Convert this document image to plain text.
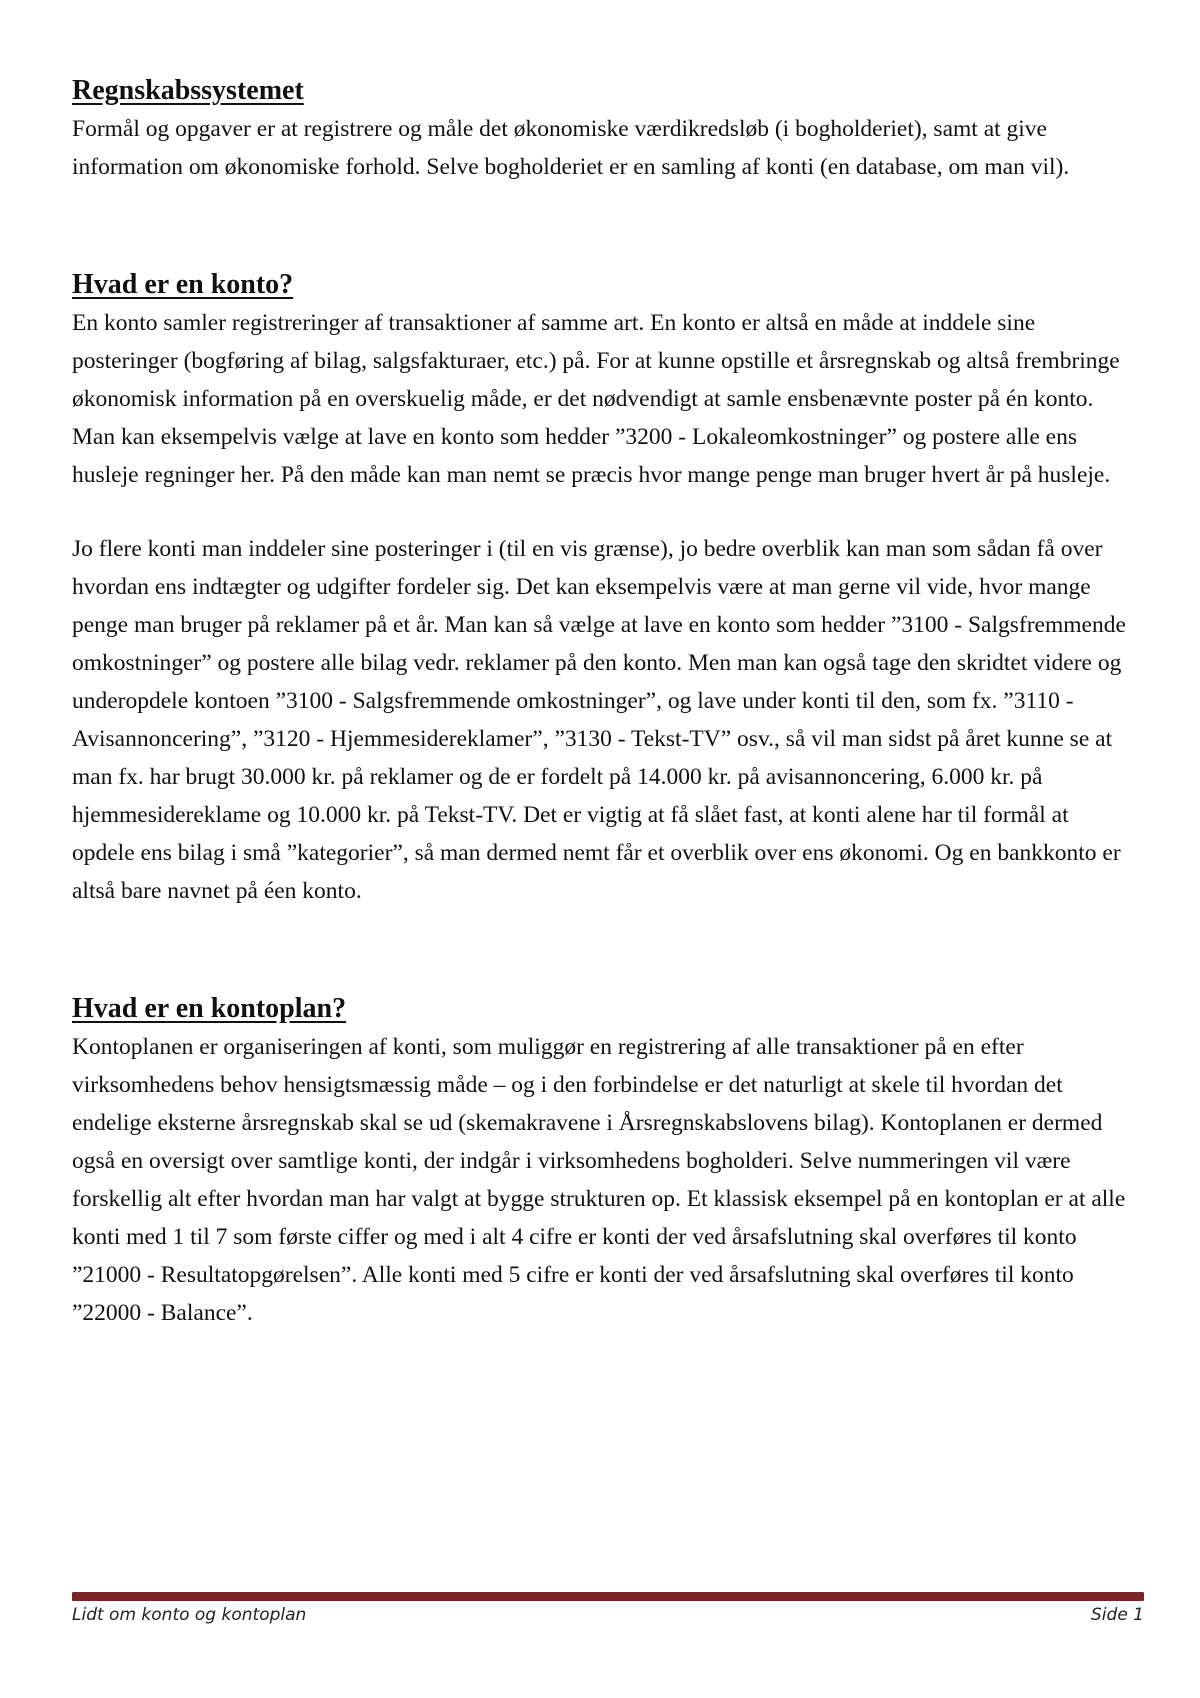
Regnskabssystemet

Formål og opgaver er at registrere og måle det økonomiske værdikredsløb (i bogholderiet), samt at give information om økonomiske forhold. Selve bogholderiet er en samling af konti (en database, om man vil).

Hvad er en konto?

En konto samler registreringer af transaktioner af samme art. En konto er altså en måde at inddele sine posteringer (bogføring af bilag, salgsfakturaer, etc.) på. For at kunne opstille et årsregnskab og altså frembringe økonomisk information på en overskuelig måde, er det nødvendigt at samle ensbenævnte poster på én konto. Man kan eksempelvis vælge at lave en konto som hedder ”3200 - Lokaleomkostninger” og postere alle ens husleje regninger her. På den måde kan man nemt se præcis hvor mange penge man bruger hvert år på husleje.

Jo flere konti man inddeler sine posteringer i (til en vis grænse), jo bedre overblik kan man som sådan få over hvordan ens indtægter og udgifter fordeler sig. Det kan eksempelvis være at man gerne vil vide, hvor mange penge man bruger på reklamer på et år. Man kan så vælge at lave en konto som hedder ”3100 - Salgsfremmende omkostninger” og postere alle bilag vedr. reklamer på den konto. Men man kan også tage den skridtet videre og underopdele kontoen ”3100 - Salgsfremmende omkostninger”, og lave under konti til den, som fx. ”3110 - Avisannoncering”, ”3120 - Hjemmesidereklamer”, ”3130 - Tekst-TV” osv., så vil man sidst på året kunne se at man fx. har brugt 30.000 kr. på reklamer og de er fordelt på 14.000 kr. på avisannoncering, 6.000 kr. på hjemmesidereklame og 10.000 kr. på Tekst-TV. Det er vigtig at få slået fast, at konti alene har til formål at opdele ens bilag i små ”kategorier”, så man dermed nemt får et overblik over ens økonomi. Og en bankkonto er altså bare navnet på éen konto.

Hvad er en kontoplan?

Kontoplanen er organiseringen af konti, som muliggør en registrering af alle transaktioner på en efter virksomhedens behov hensigtsmæssig måde – og i den forbindelse er det naturligt at skele til hvordan det endelige eksterne årsregnskab skal se ud (skemakravene i Årsregnskabslovens bilag). Kontoplanen er dermed også en oversigt over samtlige konti, der indgår i virksomhedens bogholderi. Selve nummeringen vil være forskellig alt efter hvordan man har valgt at bygge strukturen op. Et klassisk eksempel på en kontoplan er at alle konti med 1 til 7 som første ciffer og med i alt 4 cifre er konti der ved årsafslutning skal overføres til konto ”21000 - Resultatopgørelsen”. Alle konti med 5 cifre er konti der ved årsafslutning skal overføres til konto ”22000 - Balance”.

Lidt om konto og kontoplan	Side 1
